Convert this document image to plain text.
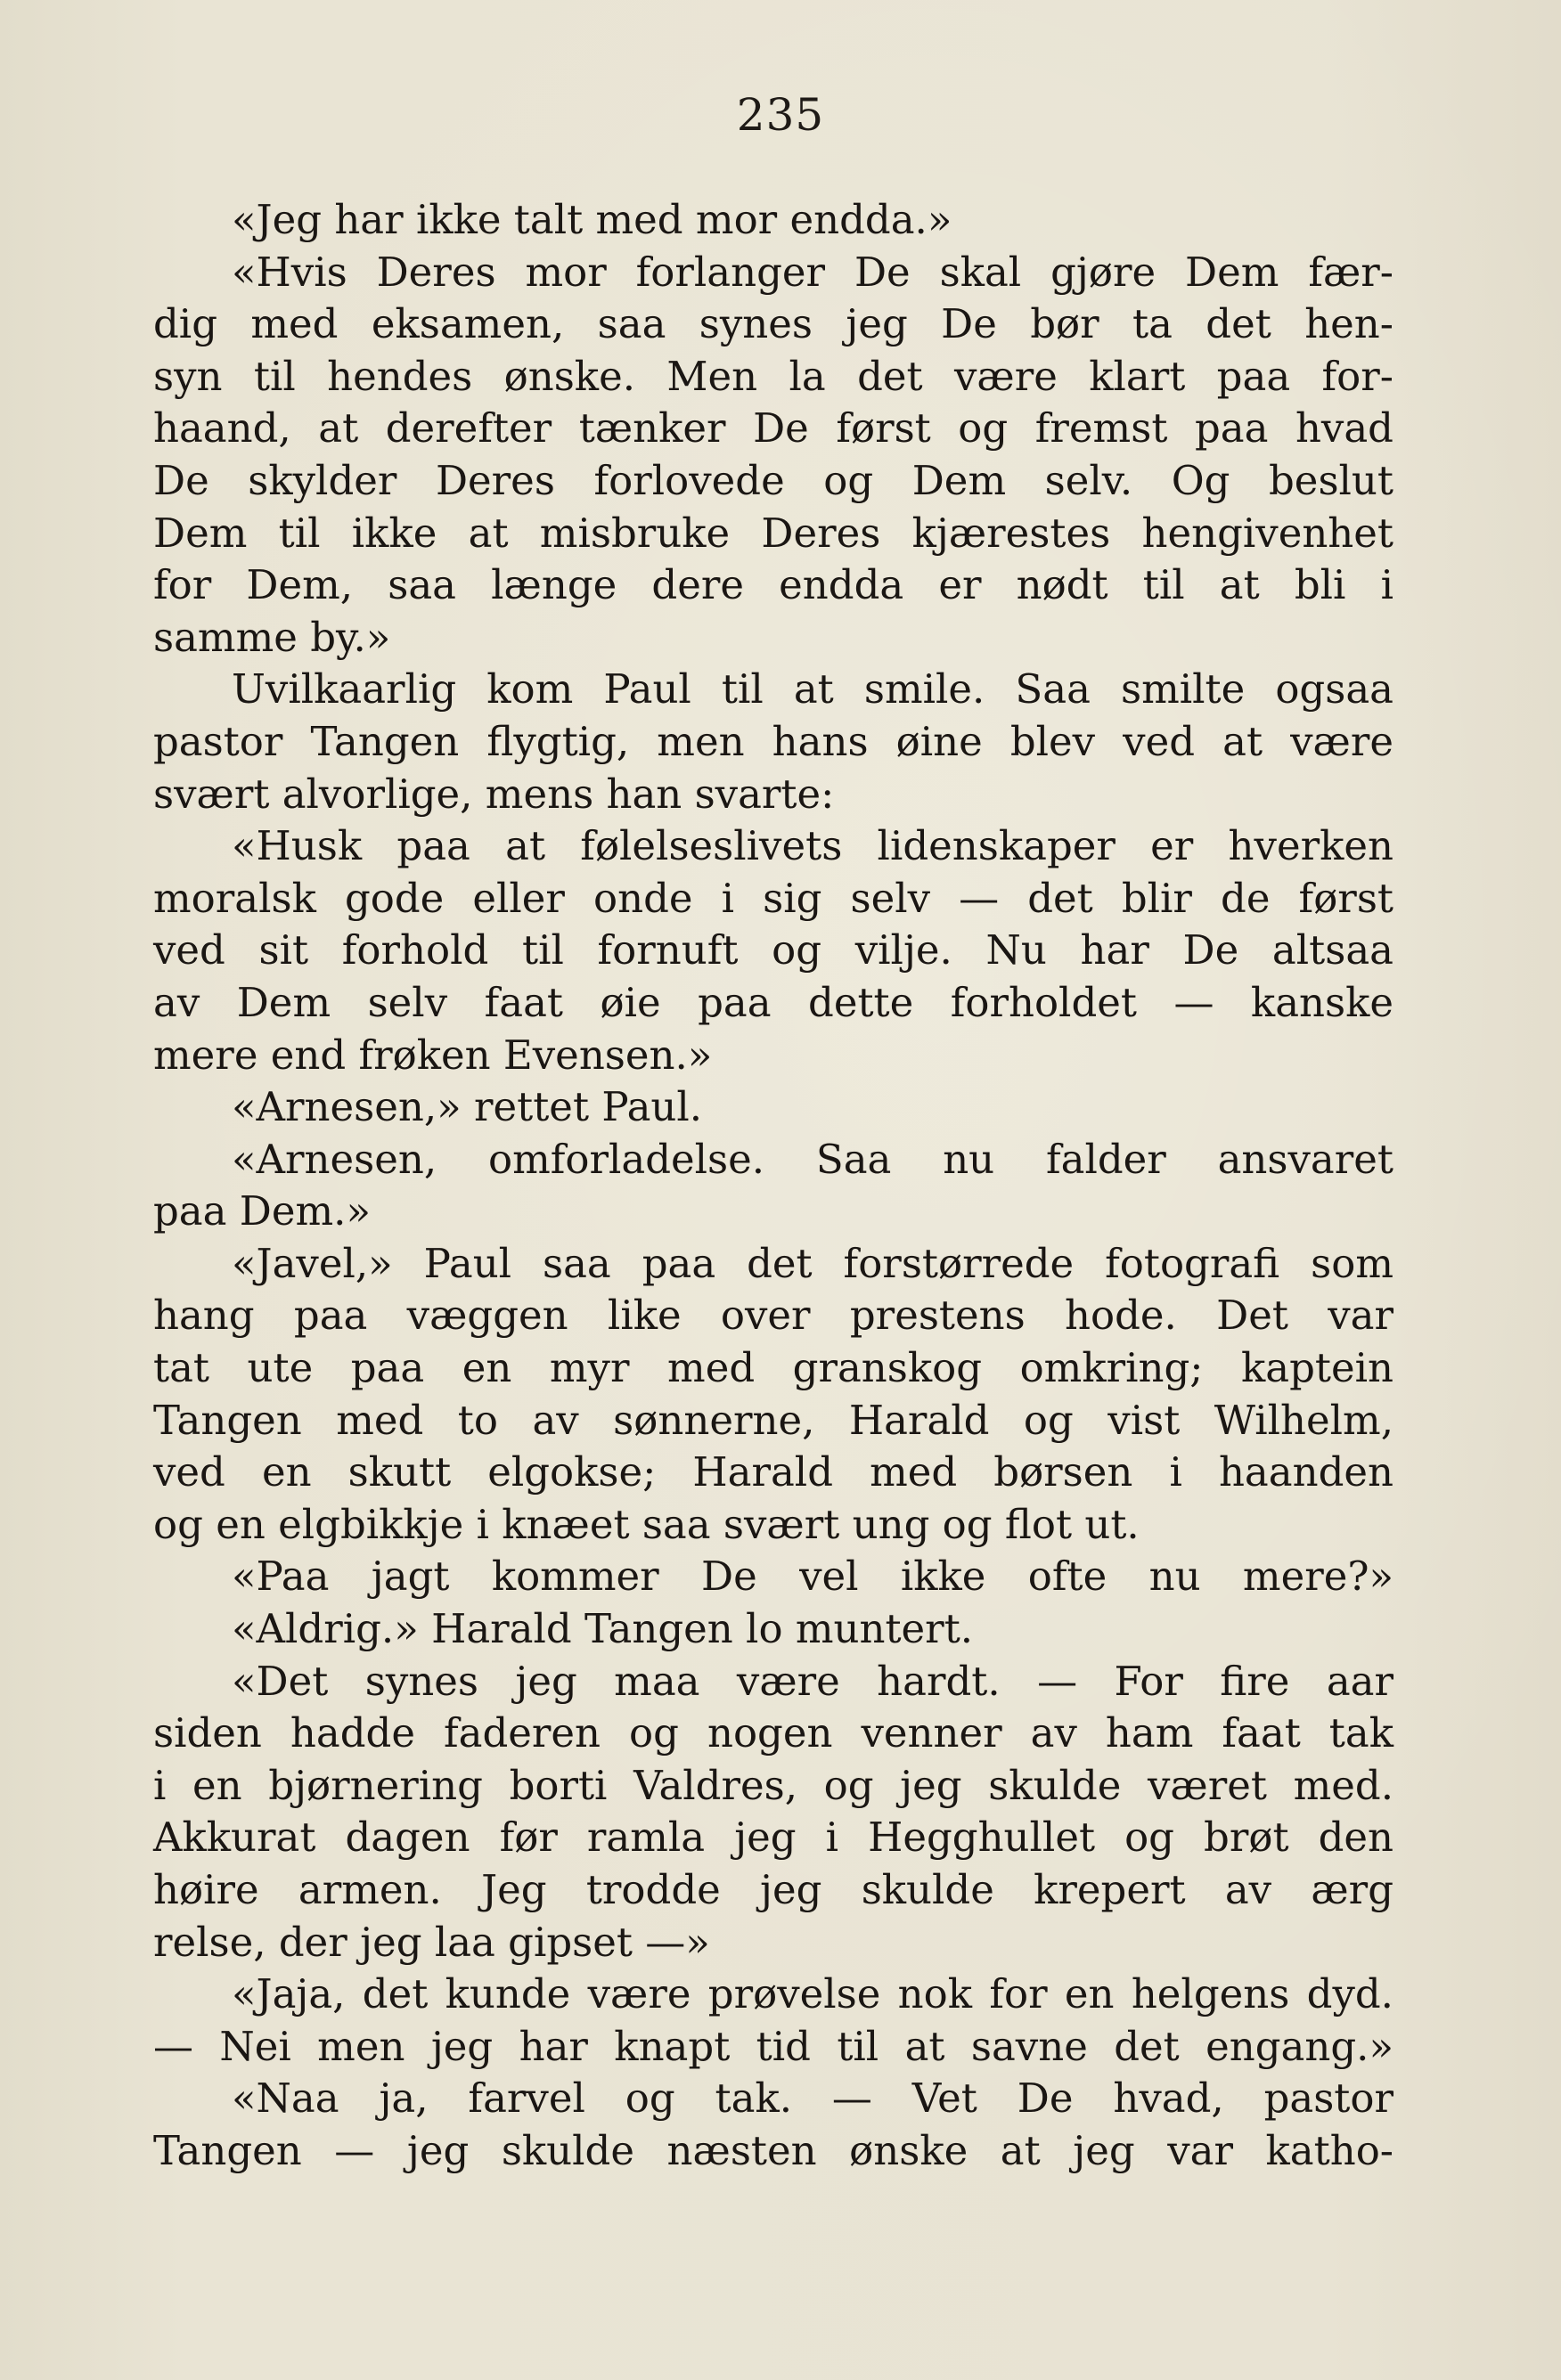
235
«Jeg har ikke talt med mor endda.»
«Hvis Deres mor forlanger De skal gjøre Dem fær-
dig med eksamen, saa synes jeg De bør ta det hen-
syn til hendes ønske. Men la det være klart paa for-
haand, at derefter tænker De først og fremst paa hvad
De skylder Deres forlovede og Dem selv. Og beslut
Dem til ikke at misbruke Deres kjærestes hengivenhet
for Dem, saa længe dere endda er nødt til at bli i
samme by.»
Uvilkaarlig kom Paul til at smile. Saa smilte ogsaa
pastor Tangen flygtig, men hans øine blev ved at være
svært alvorlige, mens han svarte:
«Husk paa at følelseslivets lidenskaper er hverken
moralsk gode eller onde i sig selv — det blir de først
ved sit forhold til fornuft og vilje. Nu har De altsaa
av Dem selv faat øie paa dette forholdet — kanske
mere end frøken Evensen.»
«Arnesen,» rettet Paul.
«Arnesen, omforladelse. Saa nu falder ansvaret
paa Dem.»
«Javel,» Paul saa paa det forstørrede fotografi som
hang paa væggen like over prestens hode. Det var
tat ute paa en myr med granskog omkring; kaptein
Tangen med to av sønnerne, Harald og vist Wilhelm,
ved en skutt elgokse; Harald med børsen i haanden
og en elgbikkje i knæet saa svært ung og flot ut.
«Paa jagt kommer De vel ikke ofte nu mere?»
«Aldrig.» Harald Tangen lo muntert.
«Det synes jeg maa være hardt. — For fire aar
siden hadde faderen og nogen venner av ham faat tak
i en bjørnering borti Valdres, og jeg skulde været med.
Akkurat dagen før ramla jeg i Hegghullet og brøt den
høire armen. Jeg trodde jeg skulde krepert av ærg
relse, der jeg laa gipset —»
«Jaja, det kunde være prøvelse nok for en helgens dyd.
— Nei men jeg har knapt tid til at savne det engang.»
«Naa ja, farvel og tak. — Vet De hvad, pastor
Tangen — jeg skulde næsten ønske at jeg var katho-
